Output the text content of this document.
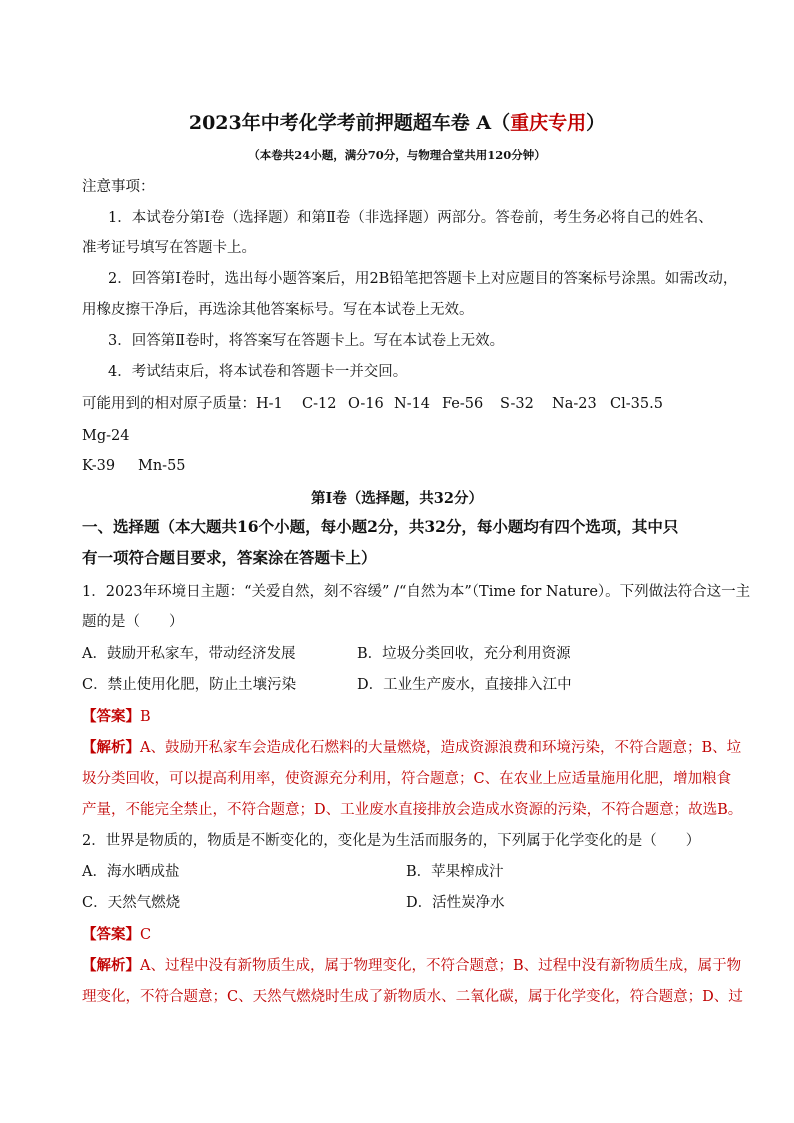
2023年中考化学考前押题超车卷 A（重庆专用）
（本卷共24小题，满分70分，与物理合堂共用120分钟）
注意事项：
1．本试卷分第Ⅰ卷（选择题）和第Ⅱ卷（非选择题）两部分。答卷前，考生务必将自己的姓名、
准考证号填写在答题卡上。
2．回答第Ⅰ卷时，选出每小题答案后，用2B铅笔把答题卡上对应题目的答案标号涂黑。如需改动，
用橡皮擦干净后，再选涂其他答案标号。写在本试卷上无效。
3．回答第Ⅱ卷时，将答案写在答题卡上。写在本试卷上无效。
4．考试结束后，将本试卷和答题卡一并交回。
可能用到的相对原子质量：H-1 C-12 O-16 N-14 Fe-56 S-32 Na-23 Cl-35.5
Mg-24
K-39 Mn-55
第Ⅰ卷（选择题，共32分）
一、选择题（本大题共16个小题，每小题2分，共32分，每小题均有四个选项，其中只
有一项符合题目要求，答案涂在答题卡上）
1．2023年环境日主题：“关爱自然，刻不容缓” /“自然为本”（Time for Nature）。下列做法符合这一主
题的是（　　）
A．鼓励开私家车，带动经济发展	B．垃圾分类回收，充分利用资源
C．禁止使用化肥，防止土壤污染	D．工业生产废水，直接排入江中
【答案】B
【解析】A、鼓励开私家车会造成化石燃料的大量燃烧，造成资源浪费和环境污染，不符合题意；B、垃
圾分类回收，可以提高利用率，使资源充分利用，符合题意；C、在农业上应适量施用化肥，增加粮食
产量，不能完全禁止，不符合题意；D、工业废水直接排放会造成水资源的污染，不符合题意；故选B。
2．世界是物质的，物质是不断变化的，变化是为生活而服务的，下列属于化学变化的是（　　）
A．海水晒成盐	B．苹果榨成汁
C．天然气燃烧	D．活性炭净水
【答案】C
【解析】A、过程中没有新物质生成，属于物理变化，不符合题意；B、过程中没有新物质生成，属于物
理变化，不符合题意；C、天然气燃烧时生成了新物质水、二氧化碳，属于化学变化，符合题意；D、过
